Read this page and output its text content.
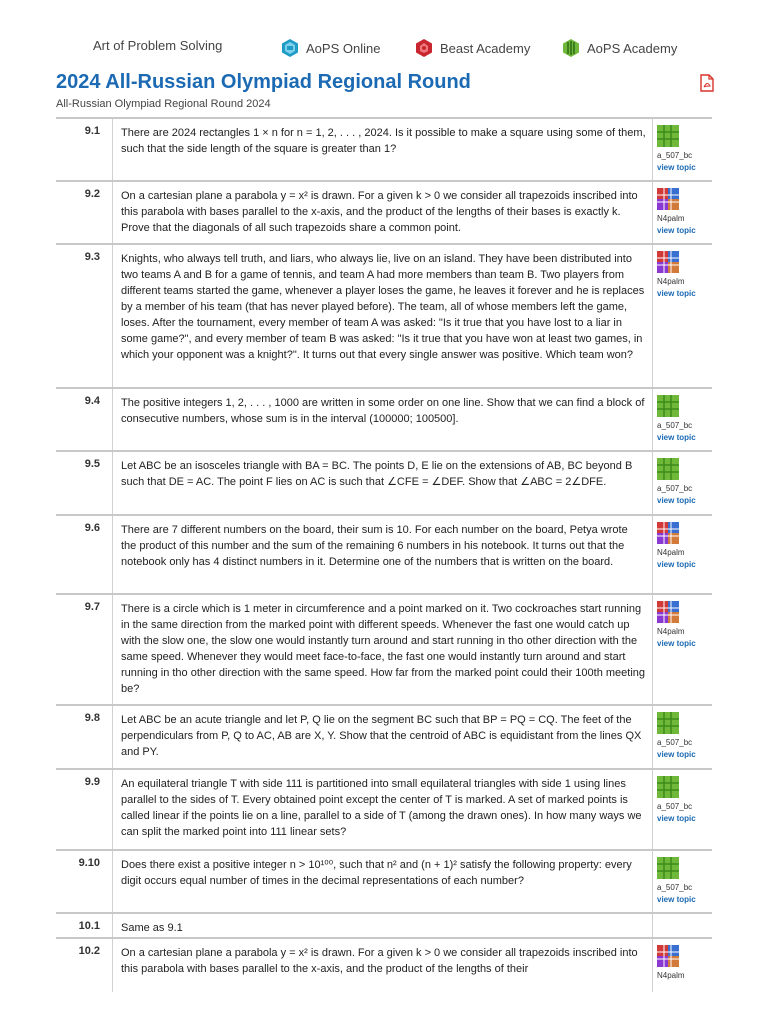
Art of Problem Solving	AoPS Online	Beast Academy	AoPS Academy
2024 All-Russian Olympiad Regional Round
All-Russian Olympiad Regional Round 2024
9.1	There are 2024 rectangles 1 × n for n = 1, 2, . . . , 2024. Is it possible to make a square using some of them, such that the side length of the square is greater than 1?
a_507_bc
view topic
9.2	On a cartesian plane a parabola y = x² is drawn. For a given k > 0 we consider all trapezoids inscribed into this parabola with bases parallel to the x-axis, and the product of the lengths of their bases is exactly k. Prove that the diagonals of all such trapezoids share a common point.
N4palm
view topic
9.3	Knights, who always tell truth, and liars, who always lie, live on an island. They have been distributed into two teams A and B for a game of tennis, and team A had more members than team B. Two players from different teams started the game, whenever a player loses the game, he leaves it forever and he is replaces by a member of his team (that has never played before). The team, all of whose members left the game, loses. After the tournament, every member of team A was asked: "Is it true that you have lost to a liar in some game?", and every member of team B was asked: "Is it true that you have won at least two games, in which your opponent was a knight?". It turns out that every single answer was positive. Which team won?
N4palm
view topic
9.4	The positive integers 1, 2, . . . , 1000 are written in some order on one line. Show that we can find a block of consecutive numbers, whose sum is in the interval (100000; 100500].
a_507_bc
view topic
9.5	Let ABC be an isosceles triangle with BA = BC. The points D, E lie on the extensions of AB, BC beyond B such that DE = AC. The point F lies on AC is such that ∠CFE = ∠DEF. Show that ∠ABC = 2∠DFE.
a_507_bc
view topic
9.6	There are 7 different numbers on the board, their sum is 10. For each number on the board, Petya wrote the product of this number and the sum of the remaining 6 numbers in his notebook. It turns out that the notebook only has 4 distinct numbers in it. Determine one of the numbers that is written on the board.
N4palm
view topic
9.7	There is a circle which is 1 meter in circumference and a point marked on it. Two cockroaches start running in the same direction from the marked point with different speeds. Whenever the fast one would catch up with the slow one, the slow one would instantly turn around and start running in tho other direction with the same speed. Whenever they would meet face-to-face, the fast one would instantly turn around and start running in tho other direction with the same speed. How far from the marked point could their 100th meeting be?
N4palm
view topic
9.8	Let ABC be an acute triangle and let P, Q lie on the segment BC such that BP = PQ = CQ. The feet of the perpendiculars from P, Q to AC, AB are X, Y. Show that the centroid of ABC is equidistant from the lines QX and PY.
a_507_bc
view topic
9.9	An equilateral triangle T with side 111 is partitioned into small equilateral triangles with side 1 using lines parallel to the sides of T. Every obtained point except the center of T is marked. A set of marked points is called linear if the points lie on a line, parallel to a side of T (among the drawn ones). In how many ways we can split the marked point into 111 linear sets?
a_507_bc
view topic
9.10	Does there exist a positive integer n > 10¹⁰⁰, such that n² and (n + 1)² satisfy the following property: every digit occurs equal number of times in the decimal representations of each number?
a_507_bc
view topic
10.1	Same as 9.1
10.2	On a cartesian plane a parabola y = x² is drawn. For a given k > 0 we consider all trapezoids inscribed into this parabola with bases parallel to the x-axis, and the product of the lengths of their
N4palm
